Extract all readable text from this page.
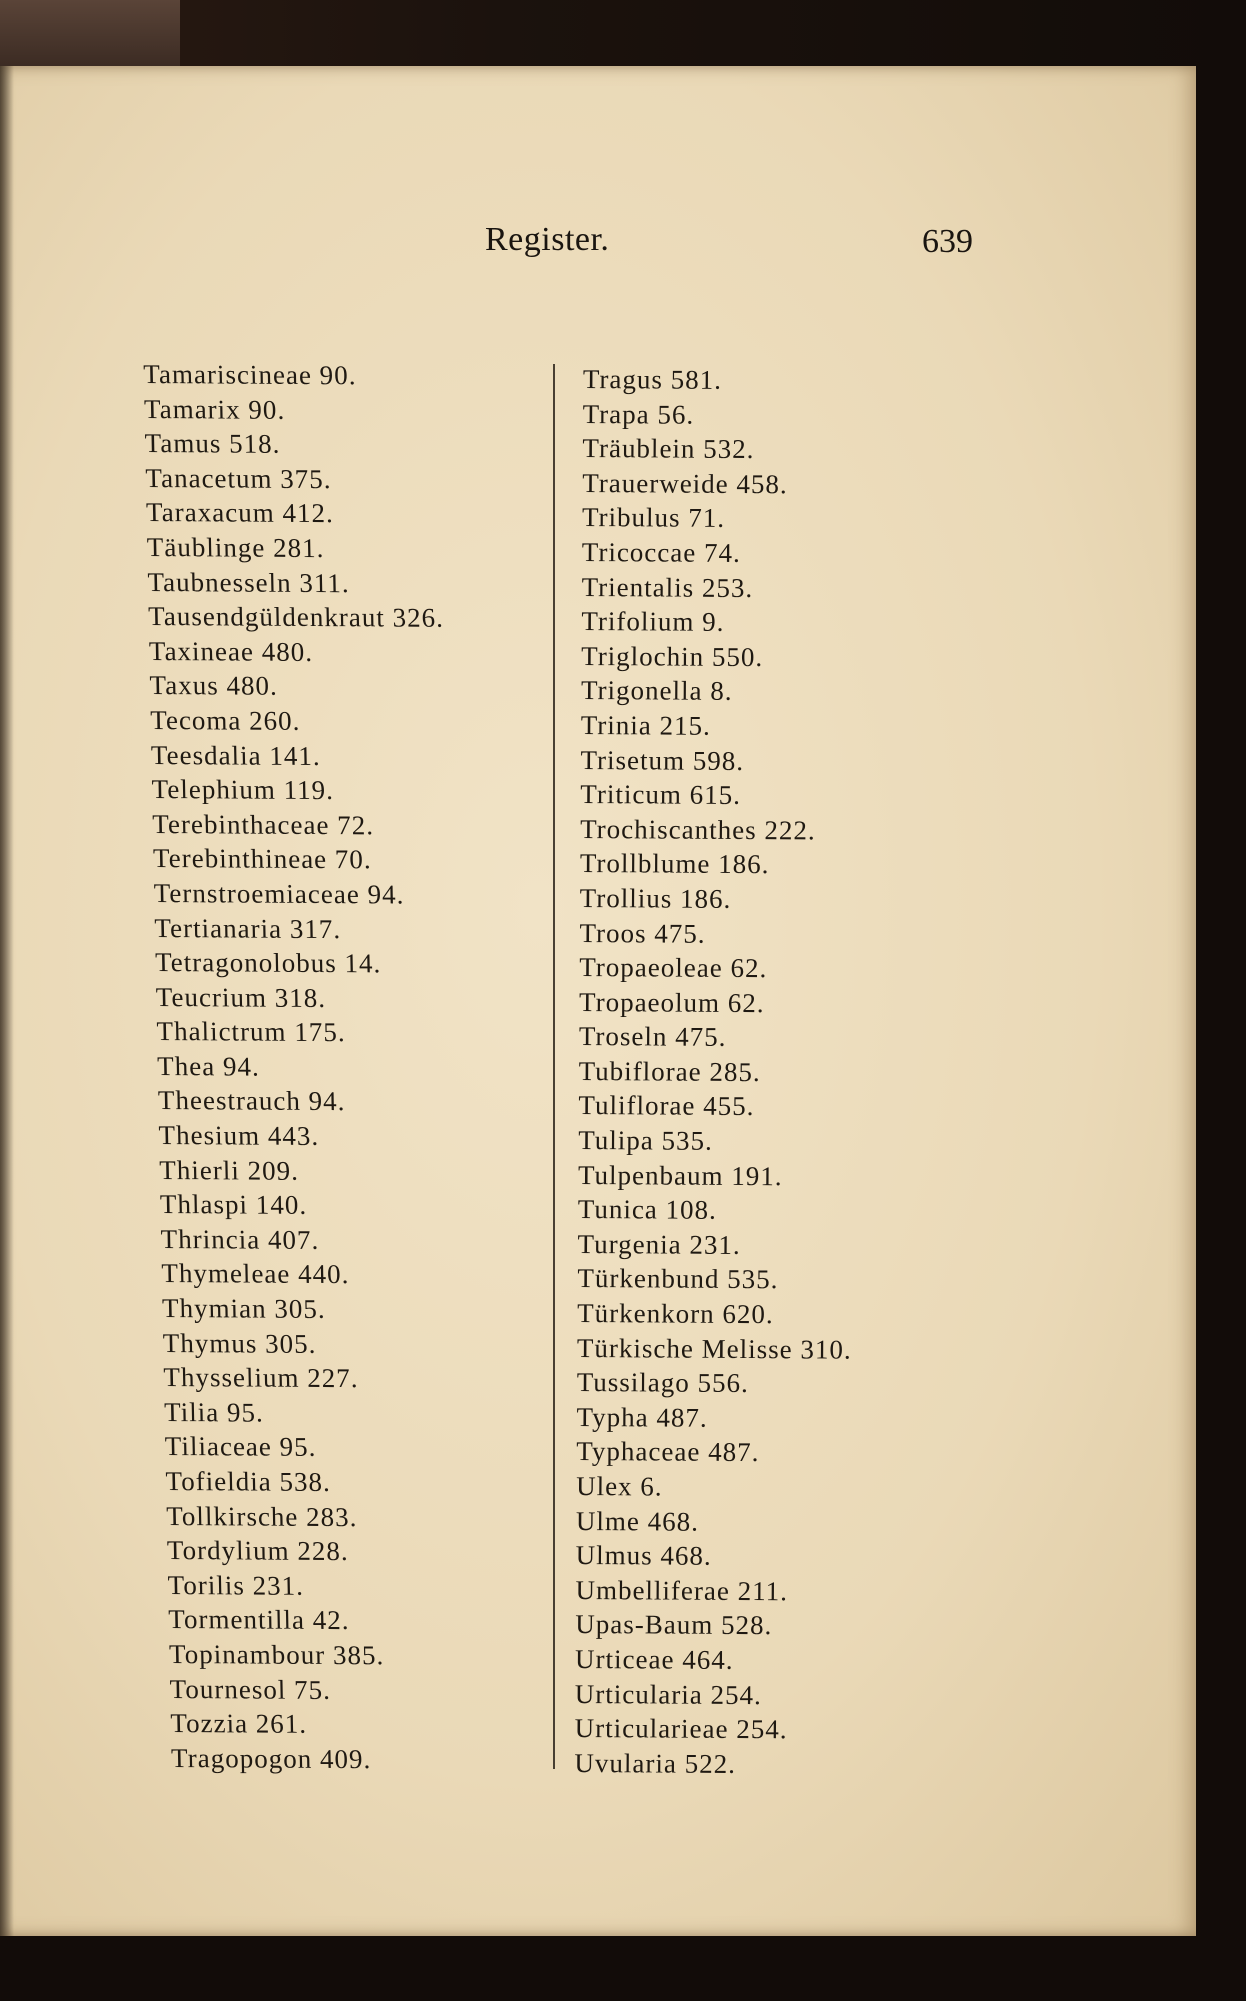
Register.	639
Tamariscineae 90.
Tamarix 90.
Tamus 518.
Tanacetum 375.
Taraxacum 412.
Täublinge 281.
Taubnesseln 311.
Tausendgüldenkraut 326.
Taxineae 480.
Taxus 480.
Tecoma 260.
Teesdalia 141.
Telephium 119.
Terebinthaceae 72.
Terebinthineae 70.
Ternstroemiaceae 94.
Tertianaria 317.
Tetragonolobus 14.
Teucrium 318.
Thalictrum 175.
Thea 94.
Theestrauch 94.
Thesium 443.
Thierli 209.
Thlaspi 140.
Thrincia 407.
Thymeleae 440.
Thymian 305.
Thymus 305.
Thysselium 227.
Tilia 95.
Tiliaceae 95.
Tofieldia 538.
Tollkirsche 283.
Tordylium 228.
Torilis 231.
Tormentilla 42.
Topinambour 385.
Tournesol 75.
Tozzia 261.
Tragopogon 409.
Tragus 581.
Trapa 56.
Träublein 532.
Trauerweide 458.
Tribulus 71.
Tricoccae 74.
Trientalis 253.
Trifolium 9.
Triglochin 550.
Trigonella 8.
Trinia 215.
Trisetum 598.
Triticum 615.
Trochiscanthes 222.
Trollblume 186.
Trollius 186.
Troos 475.
Tropaeoleae 62.
Tropaeolum 62.
Troseln 475.
Tubiflorae 285.
Tuliflorae 455.
Tulipa 535.
Tulpenbaum 191.
Tunica 108.
Turgenia 231.
Türkenbund 535.
Türkenkorn 620.
Türkische Melisse 310.
Tussilago 556.
Typha 487.
Typhaceae 487.
Ulex 6.
Ulme 468.
Ulmus 468.
Umbelliferae 211.
Upas-Baum 528.
Urticeae 464.
Urticularia 254.
Urticularieae 254.
Uvularia 522.
